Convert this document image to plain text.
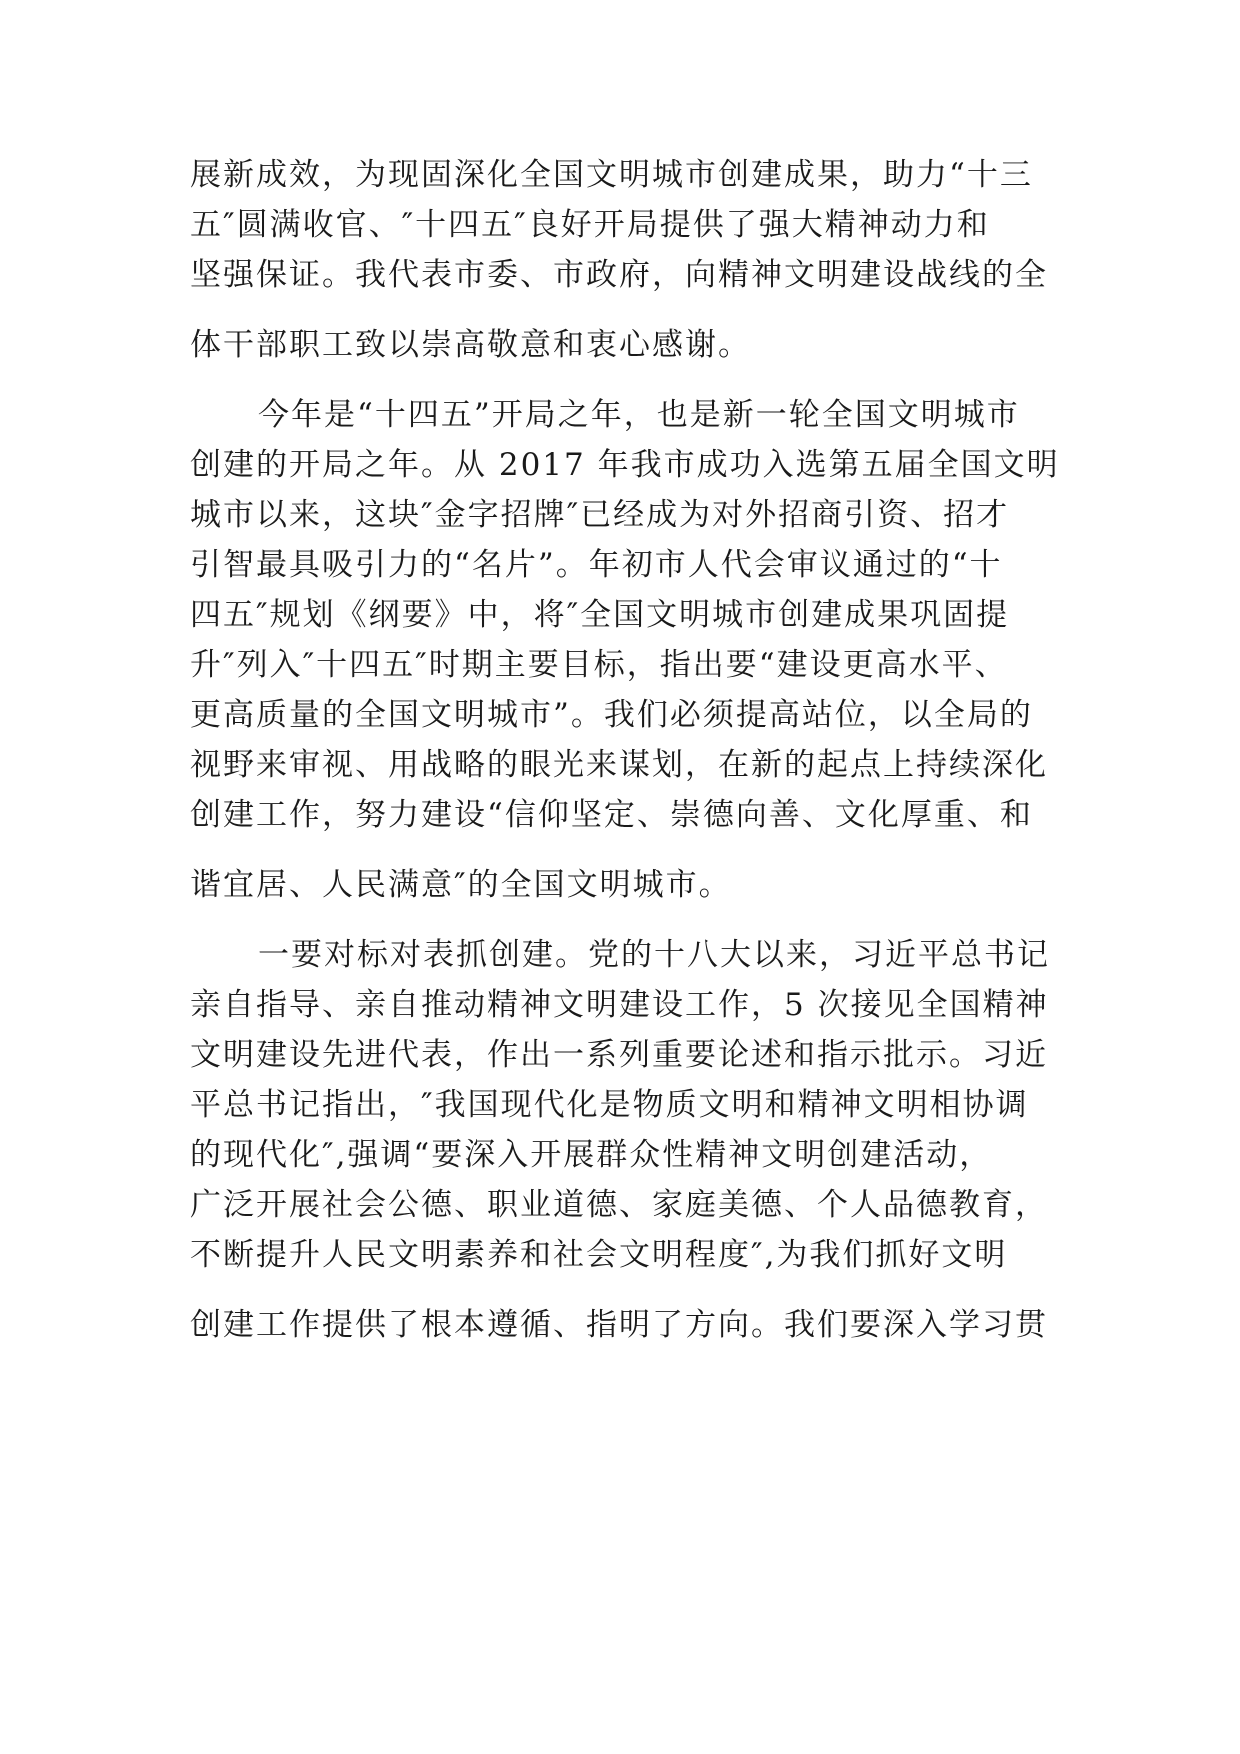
展新成效，为现固深化全国文明城市创建成果，助力“十三
五″圆满收官、″十四五″良好开局提供了强大精神动力和
坚强保证。我代表市委、市政府，向精神文明建设战线的全
体干部职工致以崇高敬意和衷心感谢。
今年是“十四五”开局之年，也是新一轮全国文明城市
创建的开局之年。从 2017 年我市成功入选第五届全国文明
城市以来，这块″金字招牌″已经成为对外招商引资、招才
引智最具吸引力的“名片”。年初市人代会审议通过的“十
四五″规划《纲要》中，将″全国文明城市创建成果巩固提
升″列入″十四五″时期主要目标，指出要“建设更高水平、
更高质量的全国文明城市”。我们必须提高站位，以全局的
视野来审视、用战略的眼光来谋划，在新的起点上持续深化
创建工作，努力建设“信仰坚定、崇德向善、文化厚重、和
谐宜居、人民满意″的全国文明城市。
一要对标对表抓创建。党的十八大以来，习近平总书记
亲自指导、亲自推动精神文明建设工作，5 次接见全国精神
文明建设先进代表，作出一系列重要论述和指示批示。习近
平总书记指出，″我国现代化是物质文明和精神文明相协调
的现代化″,强调“要深入开展群众性精神文明创建活动，
广泛开展社会公德、职业道德、家庭美德、个人品德教育，
不断提升人民文明素养和社会文明程度″,为我们抓好文明
创建工作提供了根本遵循、指明了方向。我们要深入学习贯
